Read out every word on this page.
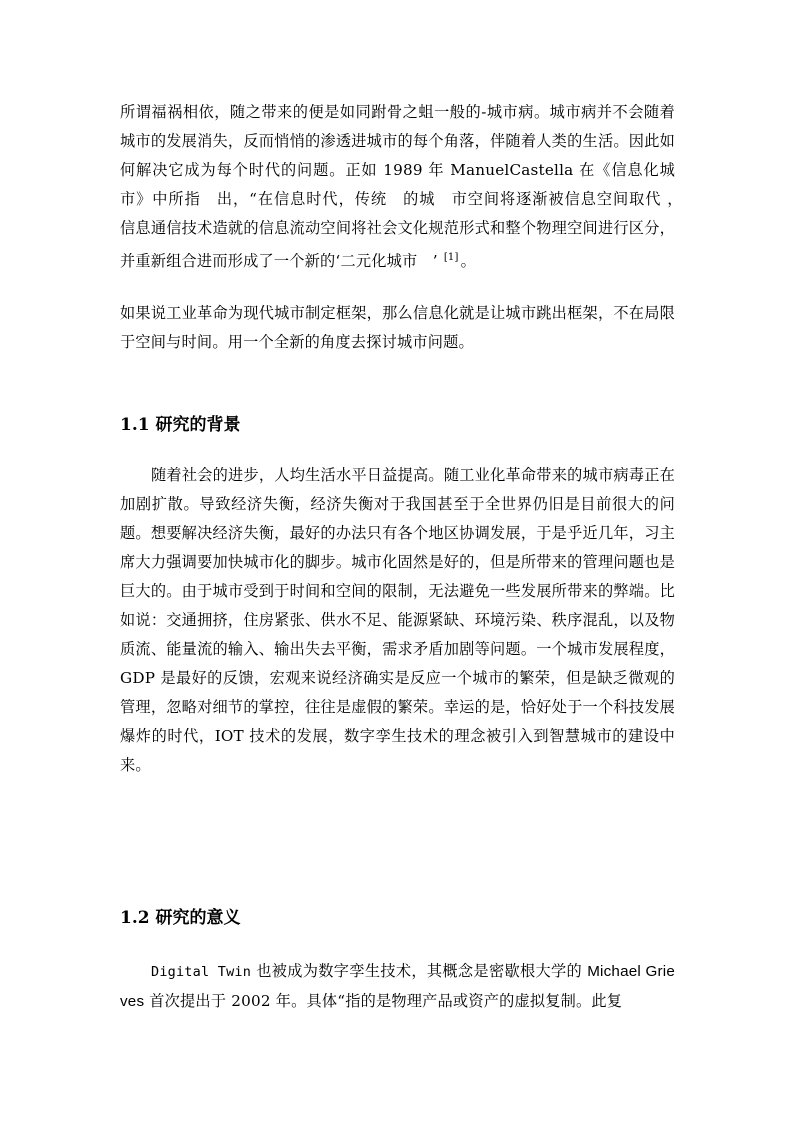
所谓福祸相依，随之带来的便是如同跗骨之蛆一般的-城市病。城市病并不会随着城市的发展消失，反而悄悄的渗透进城市的每个角落，伴随着人类的生活。因此如何解决它成为每个时代的问题。正如 1989 年 ManuelCastella 在《信息化城市》中所指　出，“在信息时代，传统　的城　市空间将逐渐被信息空间取代 ，　信息通信技术造就的信息流动空间将社会文化规范形式和整个物理空间进行区分，并重新组合进而形成了一个新的‘二元化城市　’ [1] 。

如果说工业革命为现代城市制定框架，那么信息化就是让城市跳出框架，不在局限于空间与时间。用一个全新的角度去探讨城市问题。

1.1 研究的背景

随着社会的进步，人均生活水平日益提高。随工业化革命带来的城市病毒正在加剧扩散。导致经济失衡，经济失衡对于我国甚至于全世界仍旧是目前很大的问题。想要解决经济失衡，最好的办法只有各个地区协调发展，于是乎近几年，习主席大力强调要加快城市化的脚步。城市化固然是好的，但是所带来的管理问题也是巨大的。由于城市受到于时间和空间的限制，无法避免一些发展所带来的弊端。比如说：交通拥挤，住房紧张、供水不足、能源紧缺、环境污染、秩序混乱，以及物质流、能量流的输入、输出失去平衡，需求矛盾加剧等问题。一个城市发展程度，GDP 是最好的反馈，宏观来说经济确实是反应一个城市的繁荣，但是缺乏微观的管理，忽略对细节的掌控，往往是虚假的繁荣。幸运的是，恰好处于一个科技发展爆炸的时代，IOT 技术的发展，数字孪生技术的理念被引入到智慧城市的建设中来。

1.2 研究的意义

Digital Twin 也被成为数字孪生技术，其概念是密歇根大学的 Michael Grieves 首次提出于 2002 年。具体“指的是物理产品或资产的虚拟复制。此复
